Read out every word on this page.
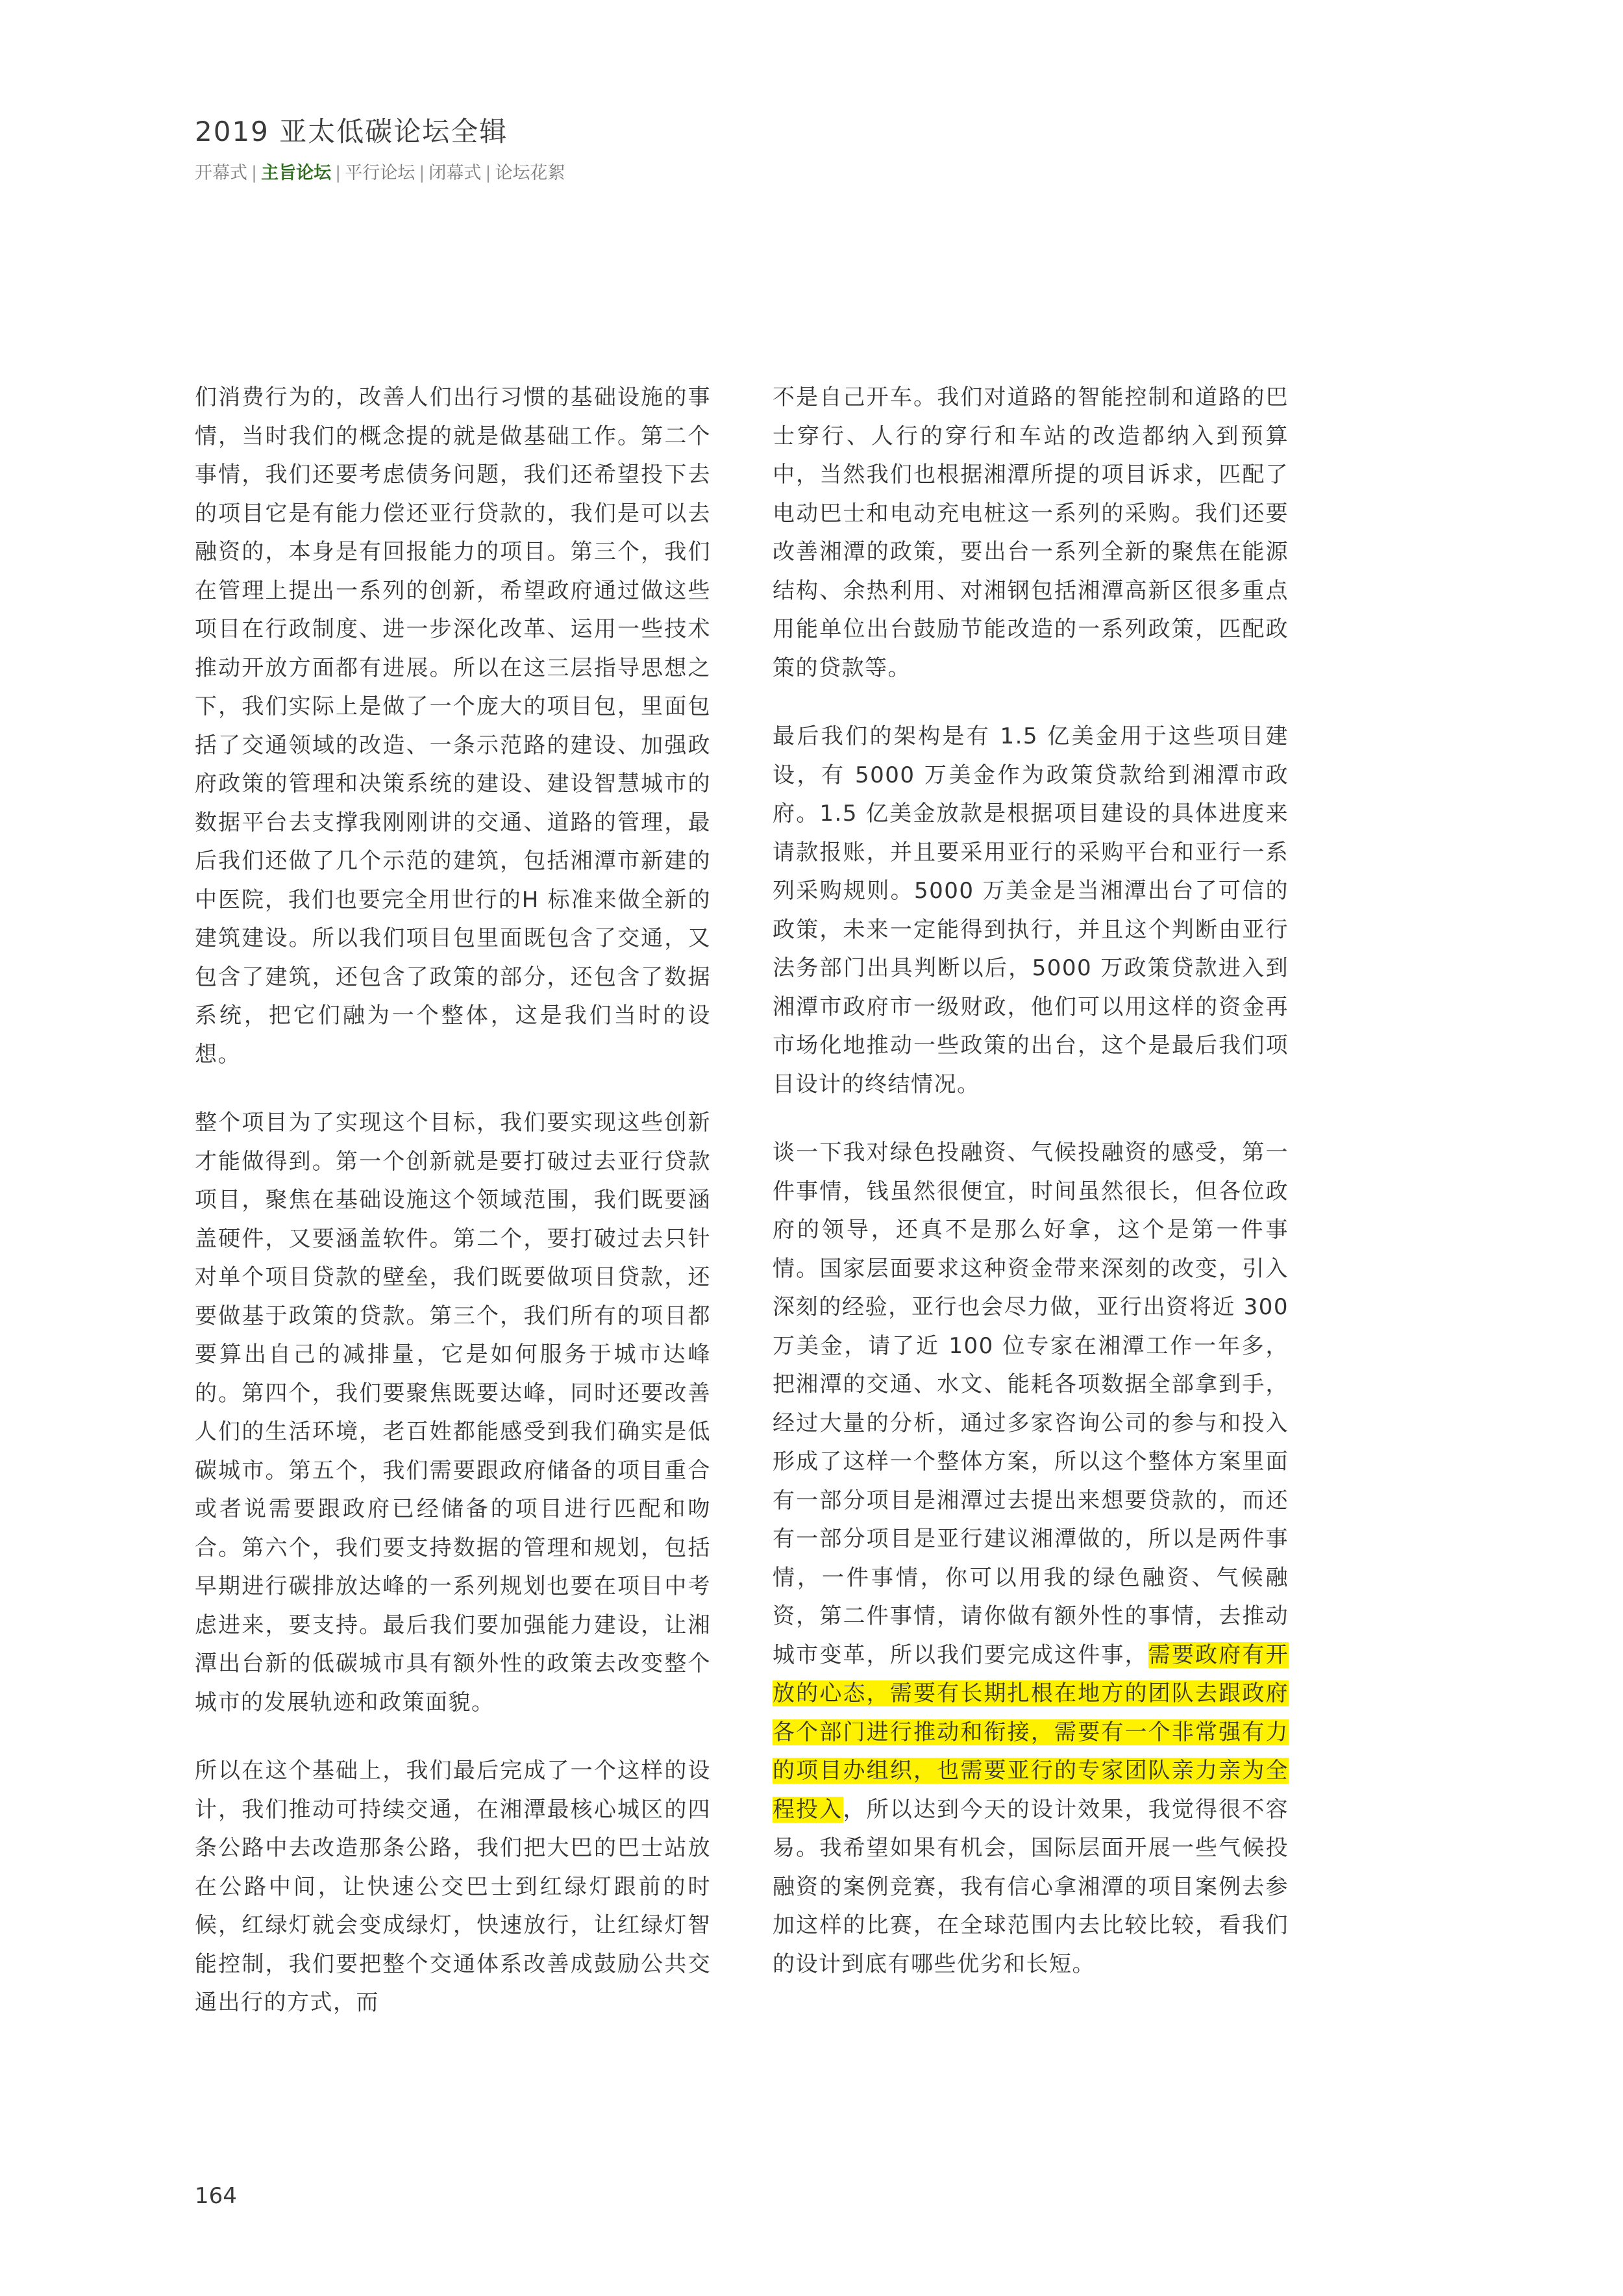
2019 亚太低碳论坛全辑
开幕式 | 主旨论坛 | 平行论坛 | 闭幕式 | 论坛花絮

们消费行为的，改善人们出行习惯的基础设施的事情，当时我们的概念提的就是做基础工作。第二个事情，我们还要考虑债务问题，我们还希望投下去的项目它是有能力偿还亚行贷款的，我们是可以去融资的，本身是有回报能力的项目。第三个，我们在管理上提出一系列的创新，希望政府通过做这些项目在行政制度、进一步深化改革、运用一些技术推动开放方面都有进展。所以在这三层指导思想之下，我们实际上是做了一个庞大的项目包，里面包括了交通领域的改造、一条示范路的建设、加强政府政策的管理和决策系统的建设、建设智慧城市的数据平台去支撑我刚刚讲的交通、道路的管理，最后我们还做了几个示范的建筑，包括湘潭市新建的中医院，我们也要完全用世行的H 标准来做全新的建筑建设。所以我们项目包里面既包含了交通，又包含了建筑，还包含了政策的部分，还包含了数据系统，把它们融为一个整体，这是我们当时的设想。

整个项目为了实现这个目标，我们要实现这些创新才能做得到。第一个创新就是要打破过去亚行贷款项目，聚焦在基础设施这个领域范围，我们既要涵盖硬件，又要涵盖软件。第二个，要打破过去只针对单个项目贷款的壁垒，我们既要做项目贷款，还要做基于政策的贷款。第三个，我们所有的项目都要算出自己的减排量，它是如何服务于城市达峰的。第四个，我们要聚焦既要达峰，同时还要改善人们的生活环境，老百姓都能感受到我们确实是低碳城市。第五个，我们需要跟政府储备的项目重合或者说需要跟政府已经储备的项目进行匹配和吻合。第六个，我们要支持数据的管理和规划，包括早期进行碳排放达峰的一系列规划也要在项目中考虑进来，要支持。最后我们要加强能力建设，让湘潭出台新的低碳城市具有额外性的政策去改变整个城市的发展轨迹和政策面貌。

所以在这个基础上，我们最后完成了一个这样的设计，我们推动可持续交通，在湘潭最核心城区的四条公路中去改造那条公路，我们把大巴的巴士站放在公路中间，让快速公交巴士到红绿灯跟前的时候，红绿灯就会变成绿灯，快速放行，让红绿灯智能控制，我们要把整个交通体系改善成鼓励公共交通出行的方式，而

不是自己开车。我们对道路的智能控制和道路的巴士穿行、人行的穿行和车站的改造都纳入到预算中，当然我们也根据湘潭所提的项目诉求，匹配了电动巴士和电动充电桩这一系列的采购。我们还要改善湘潭的政策，要出台一系列全新的聚焦在能源结构、余热利用、对湘钢包括湘潭高新区很多重点用能单位出台鼓励节能改造的一系列政策，匹配政策的贷款等。

最后我们的架构是有 1.5 亿美金用于这些项目建设，有 5000 万美金作为政策贷款给到湘潭市政府。1.5 亿美金放款是根据项目建设的具体进度来请款报账，并且要采用亚行的采购平台和亚行一系列采购规则。5000 万美金是当湘潭出台了可信的政策，未来一定能得到执行，并且这个判断由亚行法务部门出具判断以后，5000 万政策贷款进入到湘潭市政府市一级财政，他们可以用这样的资金再市场化地推动一些政策的出台，这个是最后我们项目设计的终结情况。

谈一下我对绿色投融资、气候投融资的感受，第一件事情，钱虽然很便宜，时间虽然很长，但各位政府的领导，还真不是那么好拿，这个是第一件事情。国家层面要求这种资金带来深刻的改变，引入深刻的经验，亚行也会尽力做，亚行出资将近 300 万美金，请了近 100 位专家在湘潭工作一年多，把湘潭的交通、水文、能耗各项数据全部拿到手，经过大量的分析，通过多家咨询公司的参与和投入形成了这样一个整体方案，所以这个整体方案里面有一部分项目是湘潭过去提出来想要贷款的，而还有一部分项目是亚行建议湘潭做的，所以是两件事情，一件事情，你可以用我的绿色融资、气候融资，第二件事情，请你做有额外性的事情，去推动城市变革，所以我们要完成这件事，需要政府有开放的心态，需要有长期扎根在地方的团队去跟政府各个部门进行推动和衔接，需要有一个非常强有力的项目办组织，也需要亚行的专家团队亲力亲为全程投入，所以达到今天的设计效果，我觉得很不容易。我希望如果有机会，国际层面开展一些气候投融资的案例竞赛，我有信心拿湘潭的项目案例去参加这样的比赛，在全球范围内去比较比较，看我们的设计到底有哪些优劣和长短。

164
